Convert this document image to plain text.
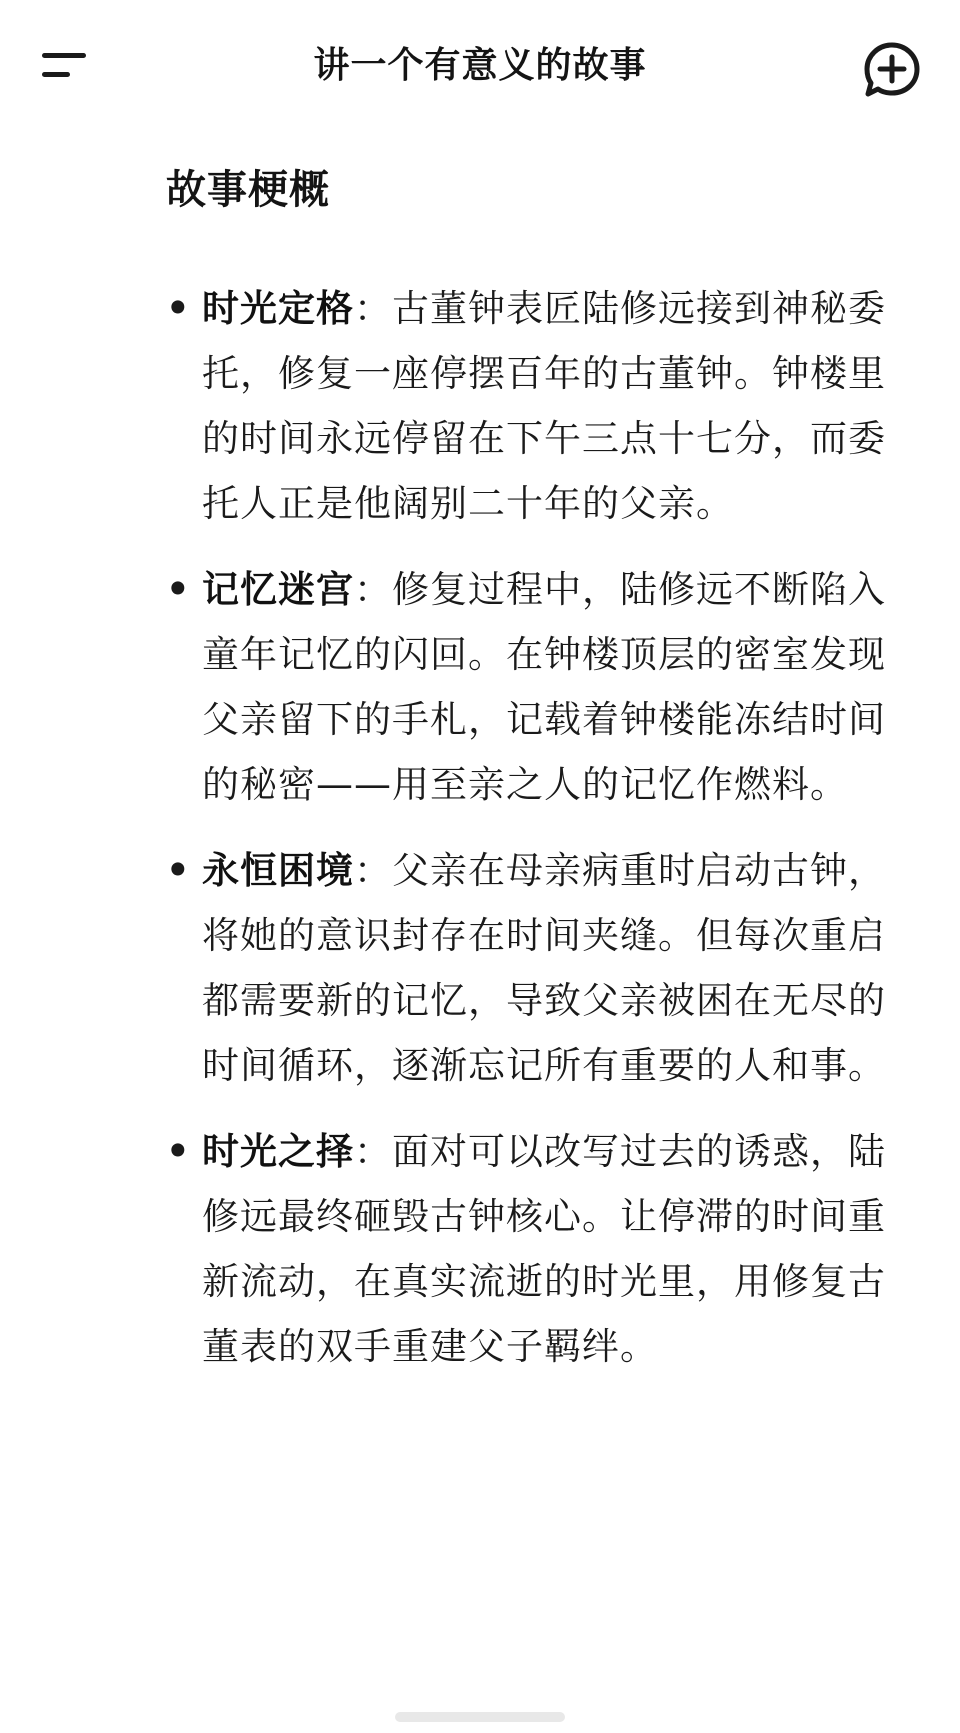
讲一个有意义的故事
故事梗概
• 时光定格：古董钟表匠陆修远接到神秘委托，修复一座停摆百年的古董钟。钟楼里的时间永远停留在下午三点十七分，而委托人正是他阔别二十年的父亲。
• 记忆迷宫：修复过程中，陆修远不断陷入童年记忆的闪回。在钟楼顶层的密室发现父亲留下的手札，记载着钟楼能冻结时间的秘密——用至亲之人的记忆作燃料。
• 永恒困境：父亲在母亲病重时启动古钟，将她的意识封存在时间夹缝。但每次重启都需要新的记忆，导致父亲被困在无尽的时间循环，逐渐忘记所有重要的人和事。
• 时光之择：面对可以改写过去的诱惑，陆修远最终砸毁古钟核心。让停滞的时间重新流动，在真实流逝的时光里，用修复古董表的双手重建父子羁绊。
